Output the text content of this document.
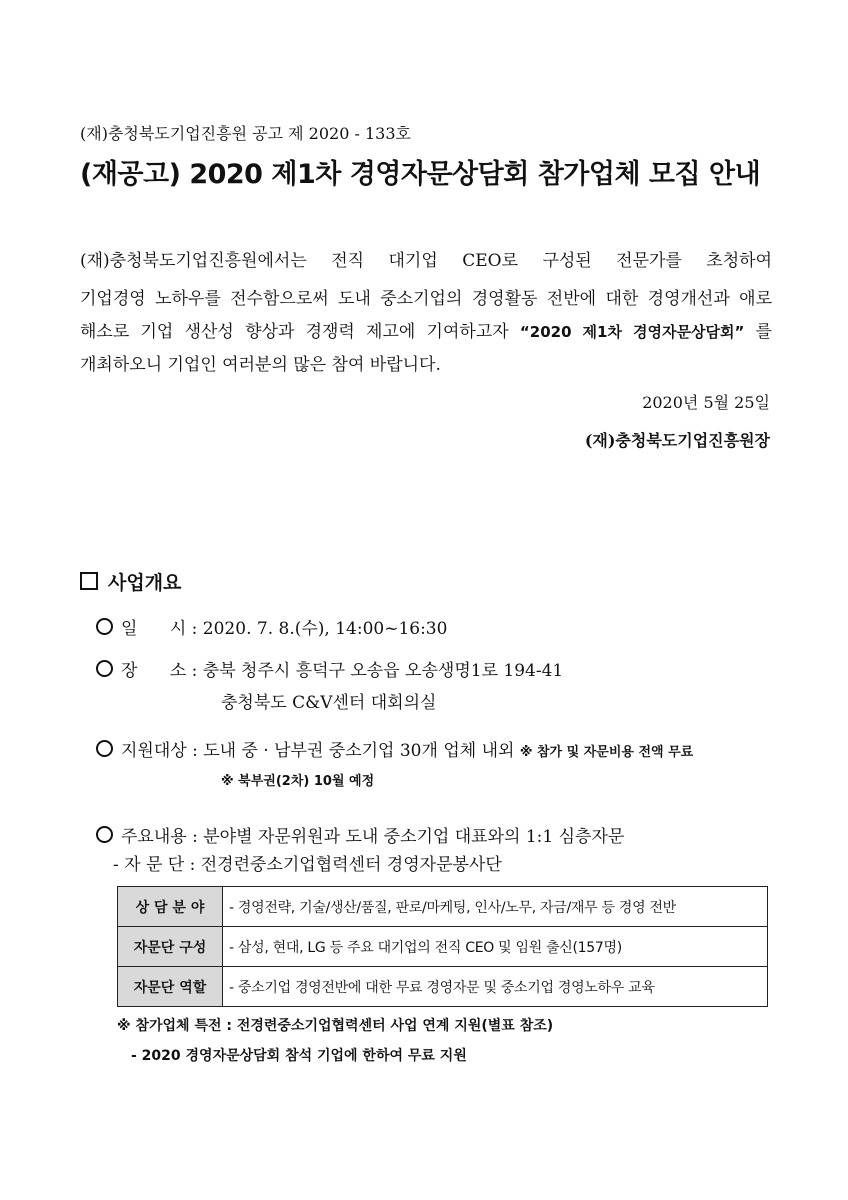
(재)충청북도기업진흥원 공고 제 2020 - 133호
(재공고) 2020 제1차 경영자문상담회 참가업체 모집 안내
(재)충청북도기업진흥원에서는 전직 대기업 CEO로 구성된 전문가를 초청하여
기업경영 노하우를 전수함으로써 도내 중소기업의 경영활동 전반에 대한 경영개선과 애로
해소로 기업 생산성 향상과 경쟁력 제고에 기여하고자 “2020 제1차 경영자문상담회” 를
개최하오니 기업인 여러분의 많은 참여 바랍니다.
2020년 5월 25일
(재)충청북도기업진흥원장
사업개요
일      시 : 2020. 7. 8.(수), 14:00~16:30
장      소 : 충북 청주시 흥덕구 오송읍 오송생명1로 194-41
충청북도 C&V센터 대회의실
지원대상 : 도내 중 · 남부권 중소기업 30개 업체 내외 ※ 참가 및 자문비용 전액 무료
※ 북부권(2차) 10월 예정
주요내용 : 분야별 자문위원과 도내 중소기업 대표와의 1:1 심층자문
- 자 문 단 : 전경련중소기업협력센터 경영자문봉사단
상 담 분 야	- 경영전략, 기술/생산/품질, 판로/마케팅, 인사/노무, 자금/재무 등 경영 전반
자문단 구성	- 삼성, 현대, LG 등 주요 대기업의 전직 CEO 및 임원 출신(157명)
자문단 역할	- 중소기업 경영전반에 대한 무료 경영자문 및 중소기업 경영노하우 교육
※ 참가업체 특전 : 전경련중소기업협력센터 사업 연계 지원(별표 참조)
- 2020 경영자문상담회 참석 기업에 한하여 무료 지원
